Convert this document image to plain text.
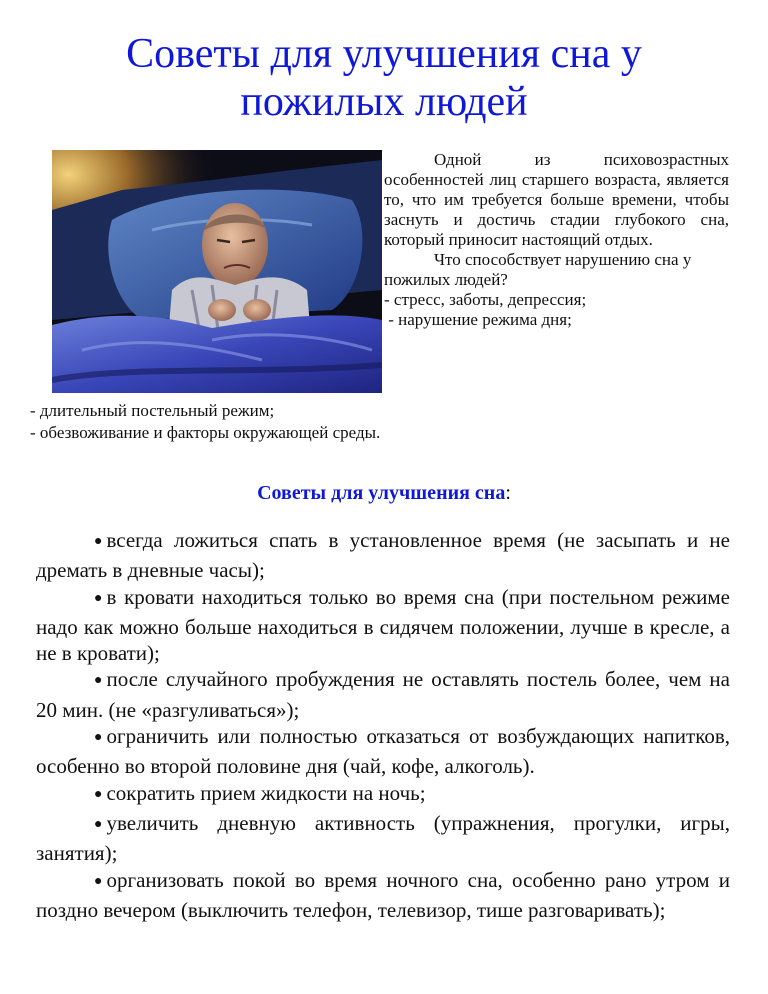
Советы для улучшения сна у
пожилых людей

Одной из психовозрастных особенностей лиц старшего возраста, является то, что им требуется больше времени, чтобы заснуть и достичь стадии глубокого сна, который приносит настоящий отдых.

Что способствует нарушению сна у пожилых людей?

- стресс, заботы, депрессия;

- нарушение режима дня;

- длительный постельный режим;
- обезвоживание и факторы окружающей среды.
Советы для улучшения сна:

● всегда ложиться спать в установленное время (не засыпать и не дремать в дневные часы);

● в кровати находиться только во время сна (при постельном режиме надо как можно больше находиться в сидячем положении, лучше в кресле, а не в кровати);

● после случайного пробуждения не оставлять постель более, чем на 20 мин. (не «разгуливаться»);

● ограничить или полностью отказаться от возбуждающих напитков, особенно во второй половине дня (чай, кофе, алкоголь).

● сократить прием жидкости на ночь;

● увеличить дневную активность (упражнения, прогулки, игры, занятия);

● организовать покой во время ночного сна, особенно рано утром и поздно вечером (выключить телефон, телевизор, тише разговаривать);
